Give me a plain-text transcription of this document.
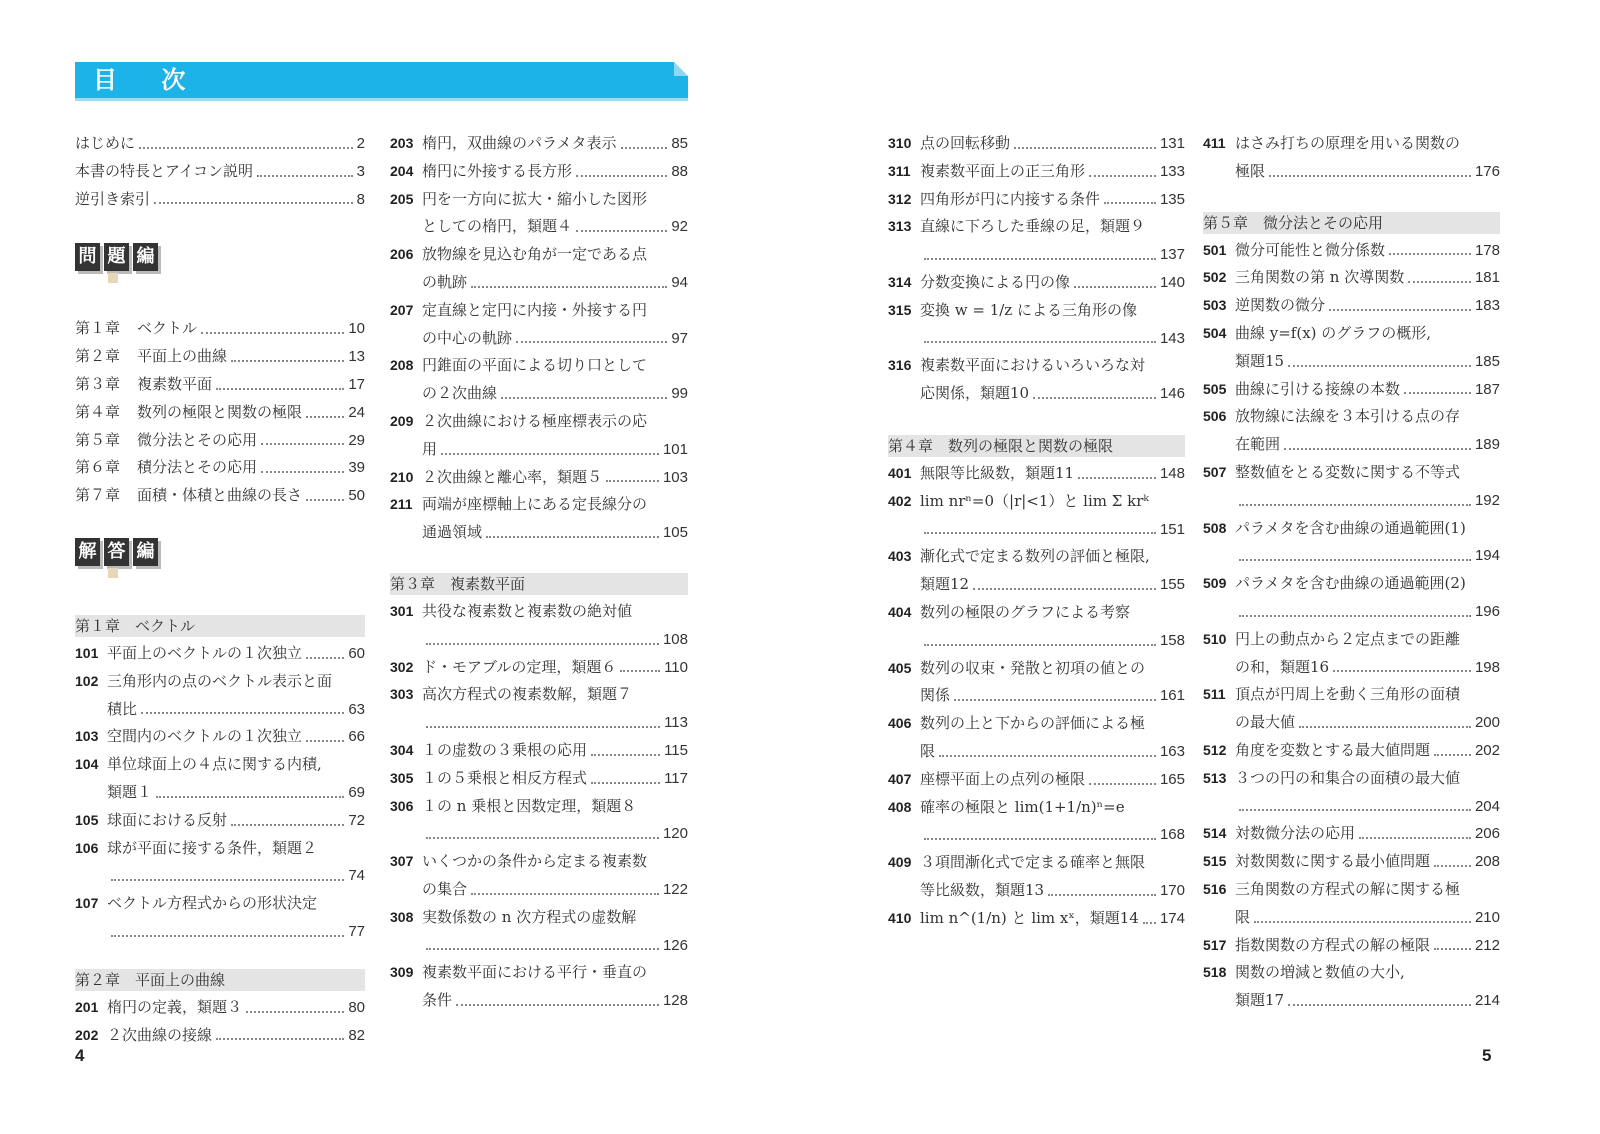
目 次
はじめに	2
本書の特長とアイコン説明	3
逆引き索引	8
問 題 編
第１章	ベクトル	10
第２章	平面上の曲線	13
第３章	複素数平面	17
第４章	数列の極限と関数の極限	24
第５章	微分法とその応用	29
第６章	積分法とその応用	39
第７章	面積・体積と曲線の長さ	50
解 答 編
第１章　ベクトル
101 平面上のベクトルの１次独立	60
102 三角形内の点のベクトル表示と面
積比	63
103 空間内のベクトルの１次独立	66
104 単位球面上の４点に関する内積,
類題１	69
105 球面における反射	72
106 球が平面に接する条件，類題２
74
107 ベクトル方程式からの形状決定
77
第２章　平面上の曲線
201 楕円の定義，類題３	80
202 ２次曲線の接線	82
203 楕円，双曲線のパラメタ表示	85
204 楕円に外接する長方形	88
205 円を一方向に拡大・縮小した図形
としての楕円，類題４	92
206 放物線を見込む角が一定である点
の軌跡	94
207 定直線と定円に内接・外接する円
の中心の軌跡	97
208 円錐面の平面による切り口として
の２次曲線	99
209 ２次曲線における極座標表示の応
用	101
210 ２次曲線と離心率，類題５	103
211 両端が座標軸上にある定長線分の
通過領域	105
第３章　複素数平面
301 共役な複素数と複素数の絶対値
108
302 ド・モアブルの定理，類題６	110
303 高次方程式の複素数解，類題７
113
304 １の虚数の３乗根の応用	115
305 １の５乗根と相反方程式	117
306 １の n 乗根と因数定理，類題８
120
307 いくつかの条件から定まる複素数
の集合	122
308 実数係数の n 次方程式の虚数解
126
309 複素数平面における平行・垂直の
条件	128
310 点の回転移動	131
311 複素数平面上の正三角形	133
312 四角形が円に内接する条件	135
313 直線に下ろした垂線の足，類題９
137
314 分数変換による円の像	140
315 変換 w = 1/z による三角形の像
143
316 複素数平面におけるいろいろな対
応関係，類題10	146
第４章　数列の極限と関数の極限
401 無限等比級数，類題11	148
402 lim nrⁿ=0（|r|<1）と lim Σ krᵏ
151
403 漸化式で定まる数列の評価と極限,
類題12	155
404 数列の極限のグラフによる考察
158
405 数列の収束・発散と初項の値との
関係	161
406 数列の上と下からの評価による極
限	163
407 座標平面上の点列の極限	165
408 確率の極限と lim(1+1/n)ⁿ=e
168
409 ３項間漸化式で定まる確率と無限
等比級数，類題13	170
410 lim n^(1/n) と lim xˣ，類題14 174
411 はさみ打ちの原理を用いる関数の
極限	176
第５章　微分法とその応用
501 微分可能性と微分係数	178
502 三角関数の第 n 次導関数	181
503 逆関数の微分	183
504 曲線 y=f(x) のグラフの概形,
類題15	185
505 曲線に引ける接線の本数	187
506 放物線に法線を３本引ける点の存
在範囲	189
507 整数値をとる変数に関する不等式
192
508 パラメタを含む曲線の通過範囲(1)
194
509 パラメタを含む曲線の通過範囲(2)
196
510 円上の動点から２定点までの距離
の和，類題16	198
511 頂点が円周上を動く三角形の面積
の最大値	200
512 角度を変数とする最大値問題	202
513 ３つの円の和集合の面積の最大値
204
514 対数微分法の応用	206
515 対数関数に関する最小値問題	208
516 三角関数の方程式の解に関する極
限	210
517 指数関数の方程式の解の極限	212
518 関数の増減と数値の大小,
類題17	214
4	5
